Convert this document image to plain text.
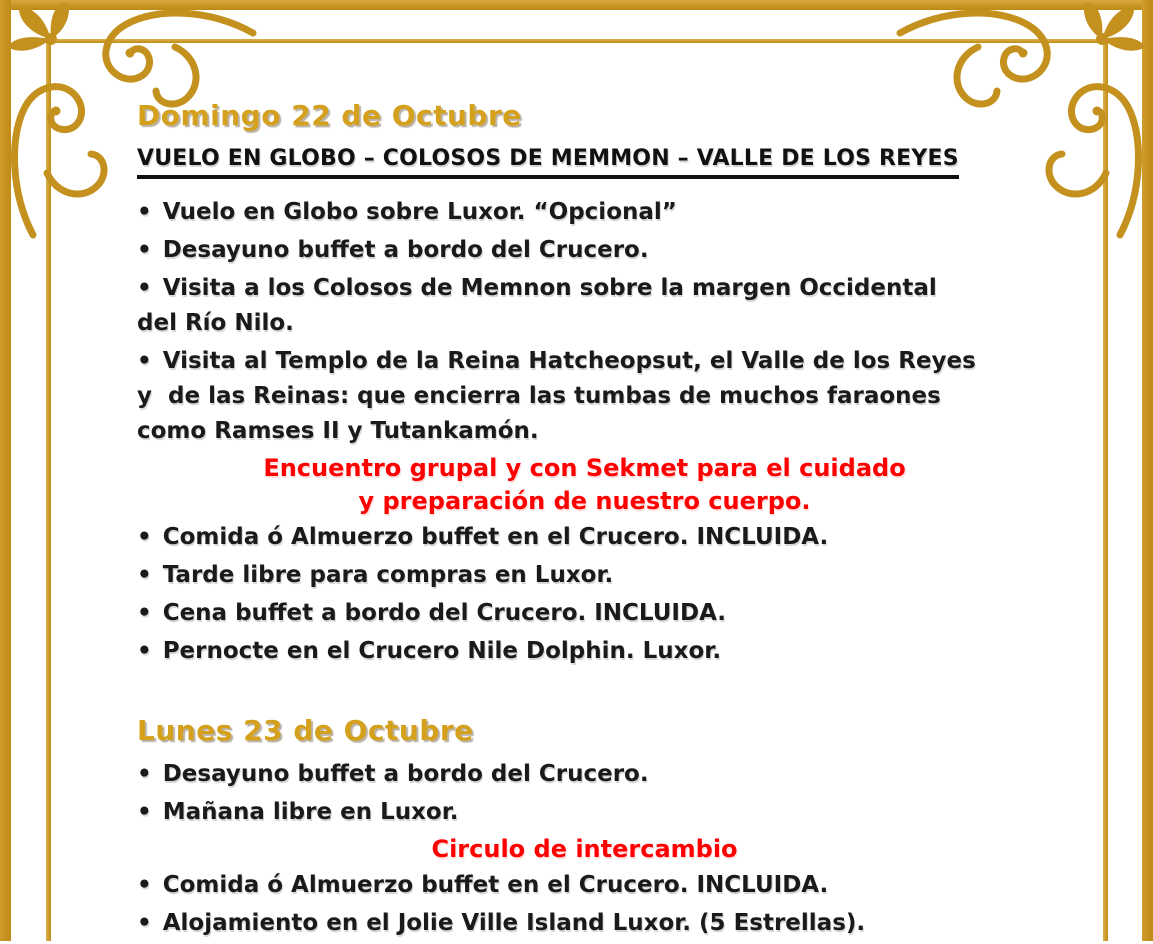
Domingo 22 de Octubre
VUELO EN GLOBO – COLOSOS DE MEMMON – VALLE DE LOS REYES
• Vuelo en Globo sobre Luxor. “Opcional”
• Desayuno buffet a bordo del Crucero.
• Visita a los Colosos de Memnon sobre la margen Occidental
del Río Nilo.
• Visita al Templo de la Reina Hatcheopsut, el Valle de los Reyes
y  de las Reinas: que encierra las tumbas de muchos faraones
como Ramses II y Tutankamón.
Encuentro grupal y con Sekmet para el cuidado
y preparación de nuestro cuerpo.
• Comida ó Almuerzo buffet en el Crucero. INCLUIDA.
• Tarde libre para compras en Luxor.
• Cena buffet a bordo del Crucero. INCLUIDA.
• Pernocte en el Crucero Nile Dolphin. Luxor.
Lunes 23 de Octubre
• Desayuno buffet a bordo del Crucero.
• Mañana libre en Luxor.
Circulo de intercambio
• Comida ó Almuerzo buffet en el Crucero. INCLUIDA.
• Alojamiento en el Jolie Ville Island Luxor. (5 Estrellas).
